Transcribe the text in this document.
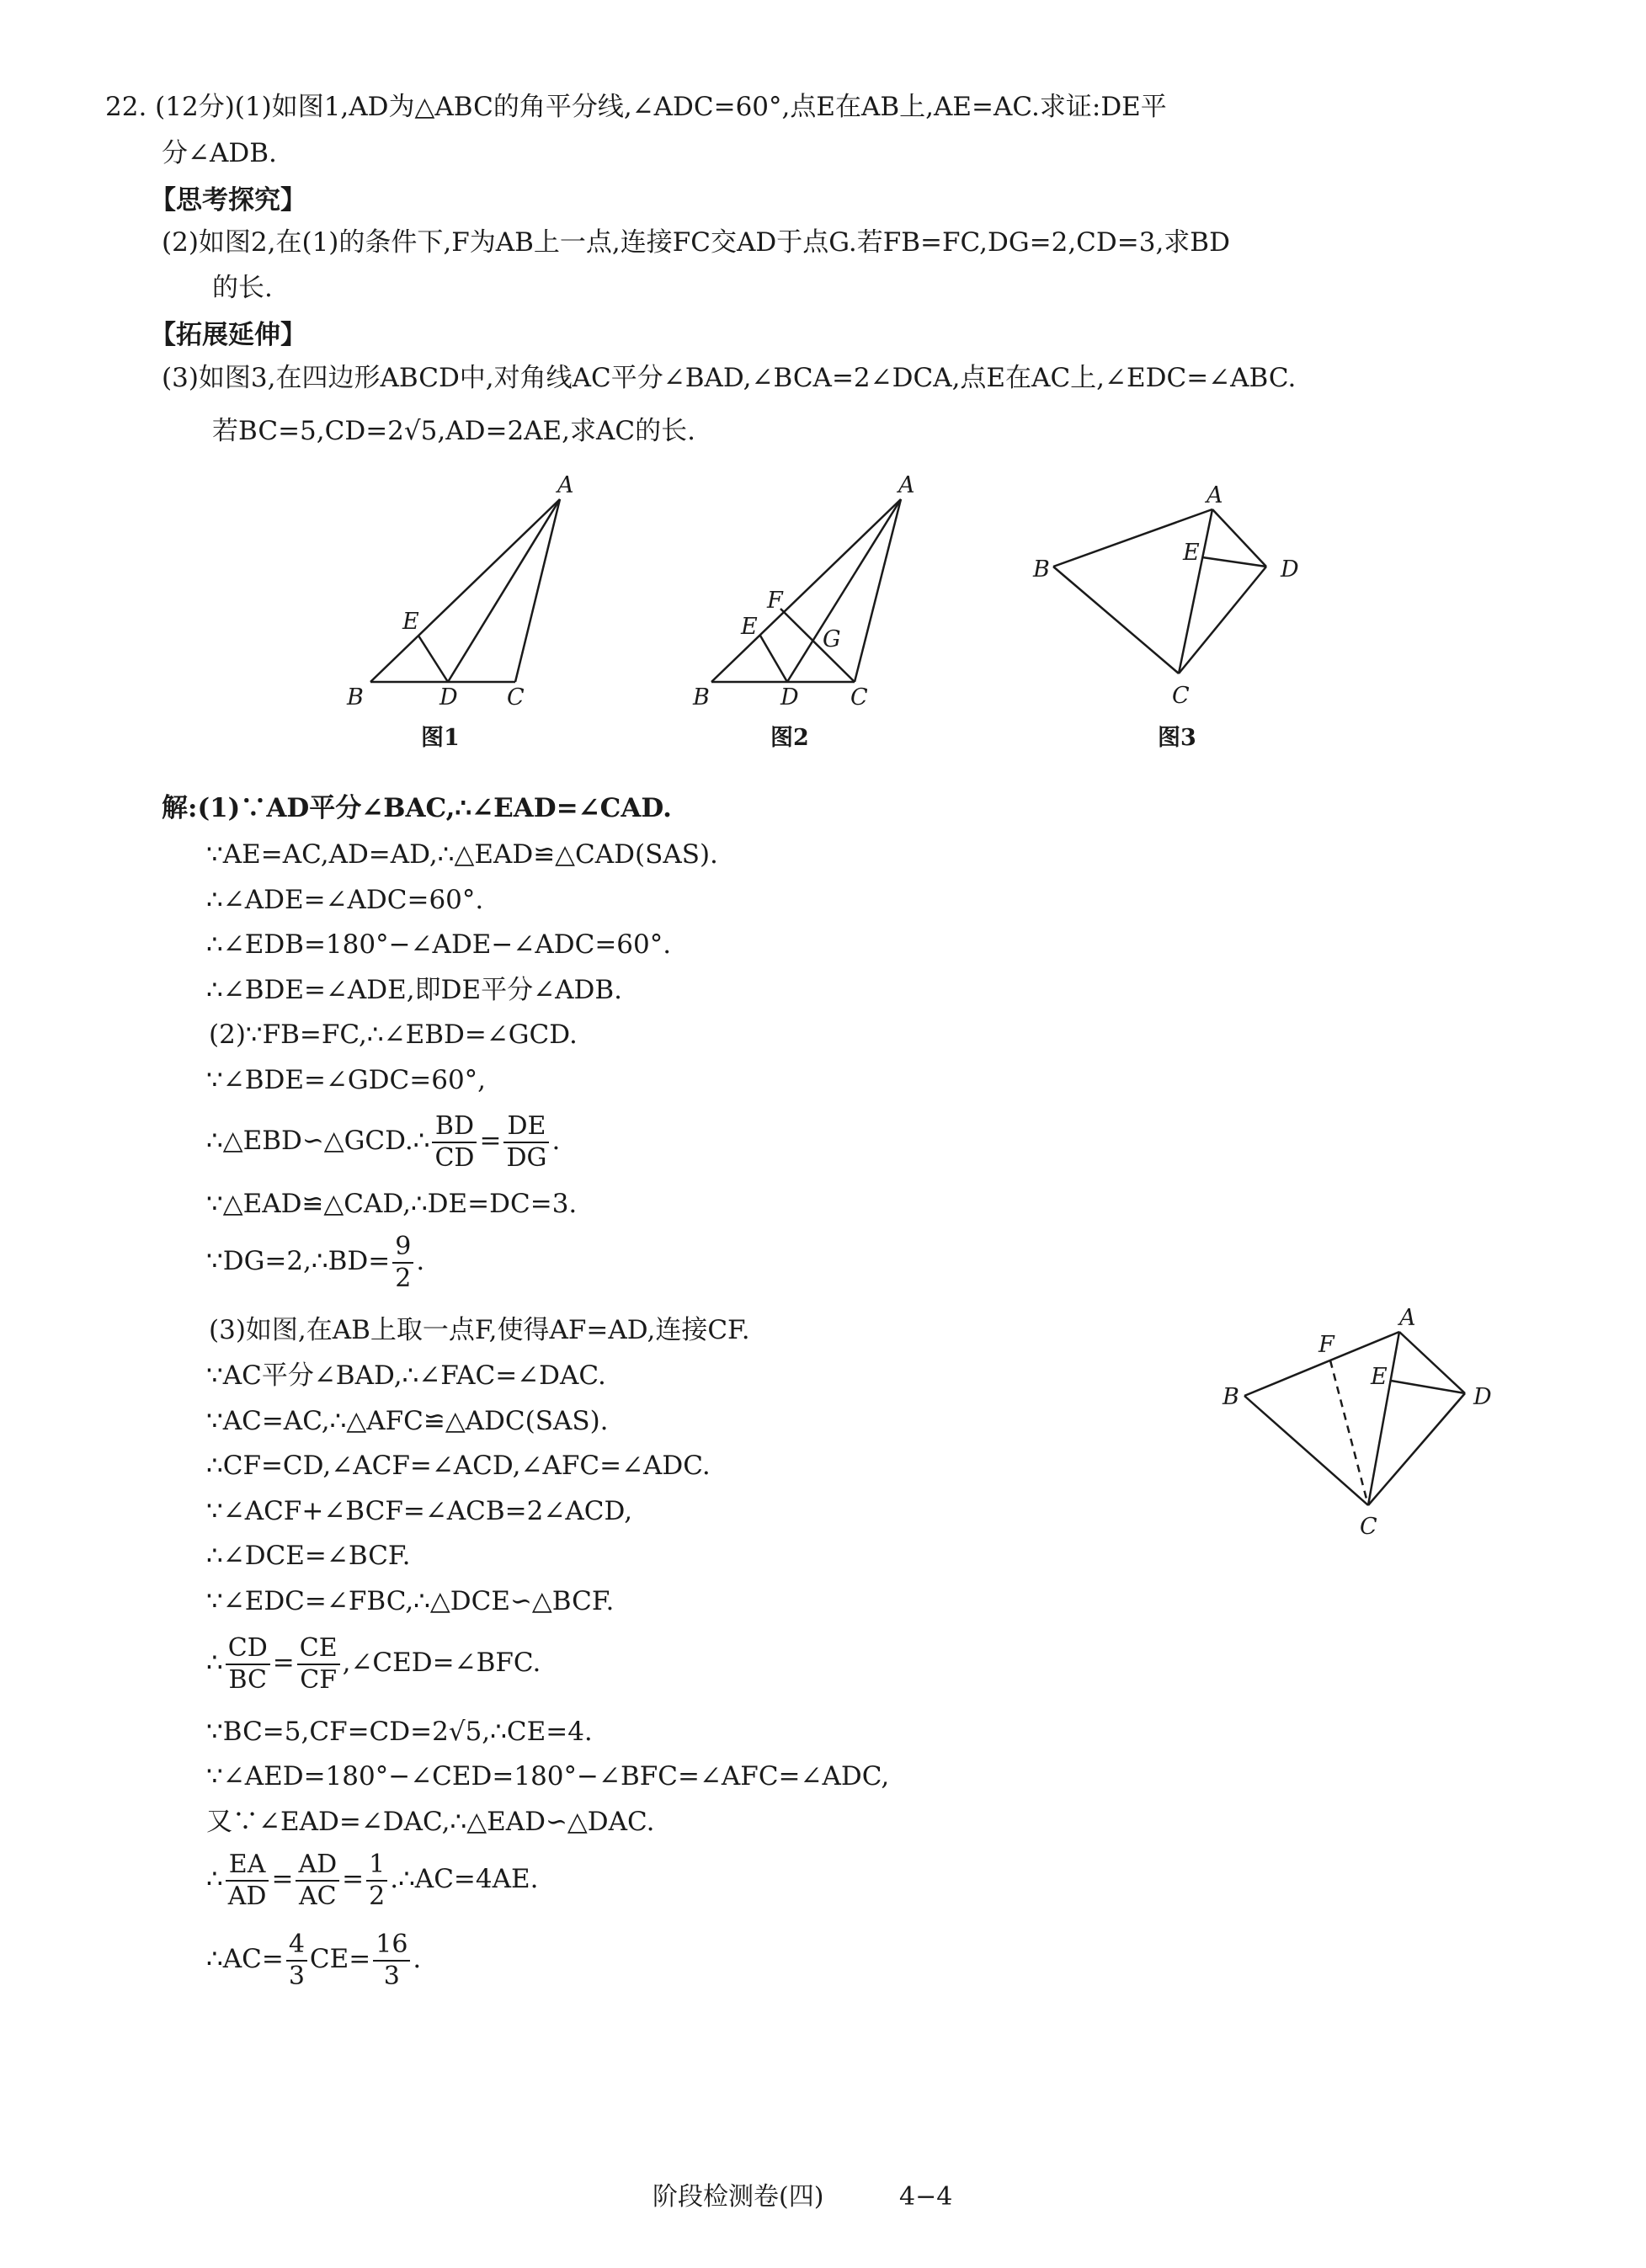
22. (12分)(1)如图1,AD为△ABC的角平分线,∠ADC=60°,点E在AB上,AE=AC.求证:DE平
分∠ADB.
【思考探究】
(2)如图2,在(1)的条件下,F为AB上一点,连接FC交AD于点G.若FB=FC,DG=2,CD=3,求BD
的长.
【拓展延伸】
(3)如图3,在四边形ABCD中,对角线AC平分∠BAD,∠BCA=2∠DCA,点E在AC上,∠EDC=∠ABC.
若BC=5,CD=2√5,AD=2AE,求AC的长.
A
B	C
D
E
图1
A
B	C
D
E
F
G
图2
A
B
C
D
E
图3
解:(1)∵AD平分∠BAC,∴∠EAD=∠CAD.
∵AE=AC,AD=AD,∴△EAD≌△CAD(SAS).
∴∠ADE=∠ADC=60°.
∴∠EDB=180°−∠ADE−∠ADC=60°.
∴∠BDE=∠ADE,即DE平分∠ADB.
(2)∵FB=FC,∴∠EBD=∠GCD.
∵∠BDE=∠GDC=60°,
∴△EBD∽△GCD.∴ $\frac{BD}{CD} = \frac{DE}{DG}$ .
∵△EAD≌△CAD,∴DE=DC=3.
∵DG=2,∴BD= $\frac{9}{2}$ .
(3)如图,在AB上取一点F,使得AF=AD,连接CF.
∵AC平分∠BAD,∴∠FAC=∠DAC.
∵AC=AC,∴△AFC≌△ADC(SAS).
∴CF=CD,∠ACF=∠ACD,∠AFC=∠ADC.
∵∠ACF+∠BCF=∠ACB=2∠ACD,
∴∠DCE=∠BCF.
∵∠EDC=∠FBC,∴△DCE∽△BCF.
∴ $\frac{CD}{BC} = \frac{CE}{CF}$ ,∠CED=∠BFC.
∵BC=5,CF=CD=2√5,∴CE=4.
∵∠AED=180°−∠CED=180°−∠BFC=∠AFC=∠ADC,
又∵∠EAD=∠DAC,∴△EAD∽△DAC.
∴ $\frac{EA}{AD} = \frac{AD}{AC} = \frac{1}{2}$ .∴AC=4AE.
∴AC= $\frac{4}{3} CE= \frac{16}{3}$ .
A
B
C
D
E
F
阶段检测卷(四)	4−4
